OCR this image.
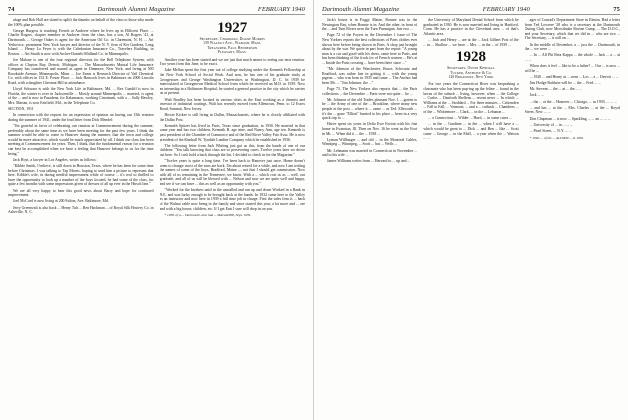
74	Dartmouth Alumni Magazine	FEBRUARY 1940

ulage and Bob Hall are slated to uplift the thumbs on behalf of the class to those who made the 100% plan possible.

George Burgess is touching French at Andover where he lives up in Hillcrest Place. ... Charlie Rogers, chapter member at Andover from the class, has a son, Al Rogers '41, at Dartmouth. ... George Oakes is agent for the American Oil Co. in Claremont, N. H. ... Art Yerkovicz, prominent New York lawyer and director of the N. Y. firm of Ker Gardens, Long Island. ... Henry La Fever is with the Caledonian Insurance Co., Travelers Building, in Boston. ... Art Smith is now with Archer-Daniels-Midland Co. in Minneapolis.

Joe Malone is one of the four regional directors for the Bell Telephone System, with offices at Clayton Bay, Detroit, Michigan. ... The Massachusetts Mutual Life Insurance Company has transferred and named as agent in Dunmore, New York, and living at 500 Brookside Avenue, Minneapolis, Minn. ... Joe Ennis is Research Director of Vail Chemical Co. with offices in 152 E. Foster Place. ... Jack Hancock lives in Baltimore on 2006 Lincoln Road, with a daughter Chestnut Hill in attendance.

Lloyd Schwarz is with the New York Life in Baltimore, Md. ... Rex Cundiff is now in Florida, the winter is over in Jacksonville ... Mostly around Minneapolis ... married, is agent of the ... and is now in Pasadena, for Kalamazoo, working Cincinnati, with a ... Sally Hawley, Mrs. Marian, is now Fairfield, Md., in the Telephone Co.

SECTION, 1911

In connection with the request for an expression of opinion on having our 15th reunion during the summer of 1941, under the lead letter from Dick Mendel:

"I'm grateful in favor of celebrating our reunion at Commencement during the summer, preferably about the same time as we have been meeting for the past few years. I think the summer would be able to come to Hanover during the summer, that the town and college would be more attractive, which would be much appreciated by all. I think our class has been meeting at Commencement for years. Then, I think, that the fundamental reason for a reunion can best be accomplished when we have a feeling that Hanover belongs to us for the time being."

Jack Hoyt, a lawyer in Los Angeles, writes as follows:

"Kibbie Smith, I believe, is still down in Houston, Texas, where he has been for some time before Christmas. I was talking to Tap Morris, hoping to send him a picture to represent that here. Kibbie's wife, in during needful impressment while of course ... it's real so thrilled to have the opportunity to look up a number of the boys located, he had some of the class, for quite a few months with some impressions given of dresses of all up ever in the Hirsch line."

We are all very happy to hear this good news about Barry and hope for continued improvement.

Joel McCord is now living at 200 Fulton, Ave. Baltimore, Md.

Jerry Greenwalt is also back ... Henry Taft ... Ben Hackman ... of Royal Silk Hosiery Co. in Asheville, N. C.

1927
Secretary, Chairman, Doane Morris
139 Walnut Ave., Wabash, Mass.
Treasurer, Paul Henderson
Pleasant, Mass.

Another year has been started and we are just that much nearer to seeing our next reunion. Two years from this June, to be exact.

Jake Mellan spent the first year out of college studying under the Kenneth Fellowship at the New York School of Social Work. And now, he has one of his graduate study at Georgetown and George Washington Universities in Washington, D. C. In 1939 he matriculated at Georgetown Medical School from which he received an M.D. in 1939. Now an internship in a Baltimore Hospital, he started a general practice in the city which he carries on at present.

Walt Bradley has been located in various cities in the East working as a chemist and investor of industrial coatings. Walt has recently moved from Allentown, Penn. to 12 Essex Road, Summit, New Jersey.

Howie Kickee is still living in Dallas, Massachusetts, where he is closely affiliated with the Dallas Post.

Kenneth Spitzer has lived in Paris, Texas since graduation, in 1930. He married in that same year and has two children, Kenneth B. age nine, and Nancy Ann, age ten. Kenneth is past president of the Chamber of Commerce and of the Red River Valley Fair Assn. He is now president of the Kimball W. Tyndale Lumber Company which he established in 1936.

The following letter from Jack Whiting just got us this, from the hands of one of our children: "You talk knowing that class are so persevering cases. Twelve years later we drove out here. So I can't hold a back through the list. I decided to check in for the Magazine."

"Twelve years is quite a long time. I've been back to Hanover just once. Home doesn't seem to change: most of the sons are back. I'm about retired for a while, and now I am writing the names of some of the boys, Bradford, Maine — not that I should get commission. Now with all of us remaining in the Tennessee, we know. With a ... which cost us as ... well, our gratitude, and all of us will be blessed with ... Nelson and now we are quite well and happy, and see if we can have ... this as well as an opportunity with you."

"Worked for the brothers until in the unwalled and ran up and down Worked in a Bank in N.E. and was lucky enough to be brought back at the hands. In 1932 came here to the Valley as an instructor and now here in 1939 a full time job in charge. First the sales firm is ... back of the Walnut cable now being in the family and since started this year, a lot more and ... see and with a big house, children, etc. If I get East I sure will drop in on you.

* 1938, of a ... Dartmouth, also had ... MAGAZINE, Sept. 1939.

Dartmouth Alumni Magazine	FEBRUARY 1940	75

Jack's house is in Foggy Maine, Bonnie was in the Newington Bay, when Bonnie is in. And the other, in front of the ... and Turn Rivers near the Turn Ptarmigan. Just two ...

Page 72 of the Foyers in the December 1 issue of The New Yorkers reports the best collections of Paris clothes ever shown here before being shown in Paris. A shop just brought about by the war. We quote in part from the report: "A young man is a cut and good with his dress, came here to Paris, and has been thinking of the frock for of French women ... He's at ... Inside the Paris crossing ... have been there since ..."

"Mr. Johnson of the Winchester, Bruce, Schwartz and Bradford, was rather late in getting it ... with the young pigeon ... who was born in 1935 and came ... The Anchor had been Mr. ... "Jim Johnson, the ..."

Page 73. The New Yorkers also reports that ... the Paris collections ... the December ... Paris were not quite ... he ...

Mr. Johnson of the old Trades pleasant Nov. 1 ... gotten to be ... the Army of one of the ... Brookline, where many new people at the post ... where it ... came ... as Ted. Ellsworth ... it's the ... gone "Elliott" hurried to his place ... been in a very quick trip to ...

Harve spent six years in Delta Ewe Fortrat with his fine home in Evanston, Ill. Then on Nov. 16 he went as the Foot in Mt. ... When did it ... the ... 1938 ...

Lyman Willbarger ... and old ... in the Montreal Cables, Winnipeg ... Winnipeg, ... Scott ... but ... Wells ...

Mr. Lehmann was married in Connecticut in November ... and to his wife ...

James Williams writes from ... Harvard to ... up and ...

the University of Maryland Dental School from which he graduated in 1930. He is now married and living in Hartford, Conn. He has a practice in the Cleveland area ... of that's Atlantic area.

... Jack and Henry ... are at the ... Jack Gilbert Post of the ... in ... Shallow ... we have ... Mrs. ... in the ... of 1939 ...

1928
Secretary, Oswin Kendall
Tucker, Anthony & Co.
120 Broadway, New York

For two years the Connecticut River was bespeaking a classmate who has been pup-ing up the feline ... found in the lawns of the suburb ... living, however, when ... the College ... Carlos ... Danforth Shellens ... recent news ... In which ... Williams at the ... Stoddard ... For three minutes ... Crittenden ... Fall to Fall, ... Vermont; ... and a ... cutback ... Chambers ... of the ... Whittemore ... Clark, ... in the ... Lebanon ...

... a Connecticut ... Wilder ... Hurd, ... in some cases ...

... in the ... Gardiner ... in the ... when I will have a ... which would be great to ... Dick ... and Ben ... like ... Scott came ... George ... in the Mall, ... a year when the ... Watson ... ...

ager of Conrad's Department Store in Elmira. Had a letter from Ted Lowerre '28 who is a secretary at the Dartmouth Outing Club, now Moosilauke Ravine Camp, ... The D.O.C., and your Secretary, which that we did in ... who are two ... The Secretary, ... is still on ...

In the middle of December, a ... just the ... Dartmouth, in the ... we were ...

... In ... All Phi Beta Kappa ... the whole ... Jack ... a ... at ... ...

When does it feel ... like to be a father? ... Our ... is now ... will be ...

... 1920 ... and Henry at ... went ... Los ... a ... Detroit ... ...

Jim Hodge Baldwin will be ... the ... Fred ... ...

Mr. Stevens ... the ... at ... the ... ...

Jack ... ...

... the ... at the ... Hanover ... Chicago, ... in 1939, ... ... ...

... and has ... at the ... Mrs. Charles ... at the ... Royal Street, New ... ...

Don Chapman ... is now ... Sparkling ... ... an ... ... ...

... University of ... in ... ... ...

... Pearl Street, ... N.Y. ... ...

* 1940, ... of the ... ALUMNI ... in 1939.
